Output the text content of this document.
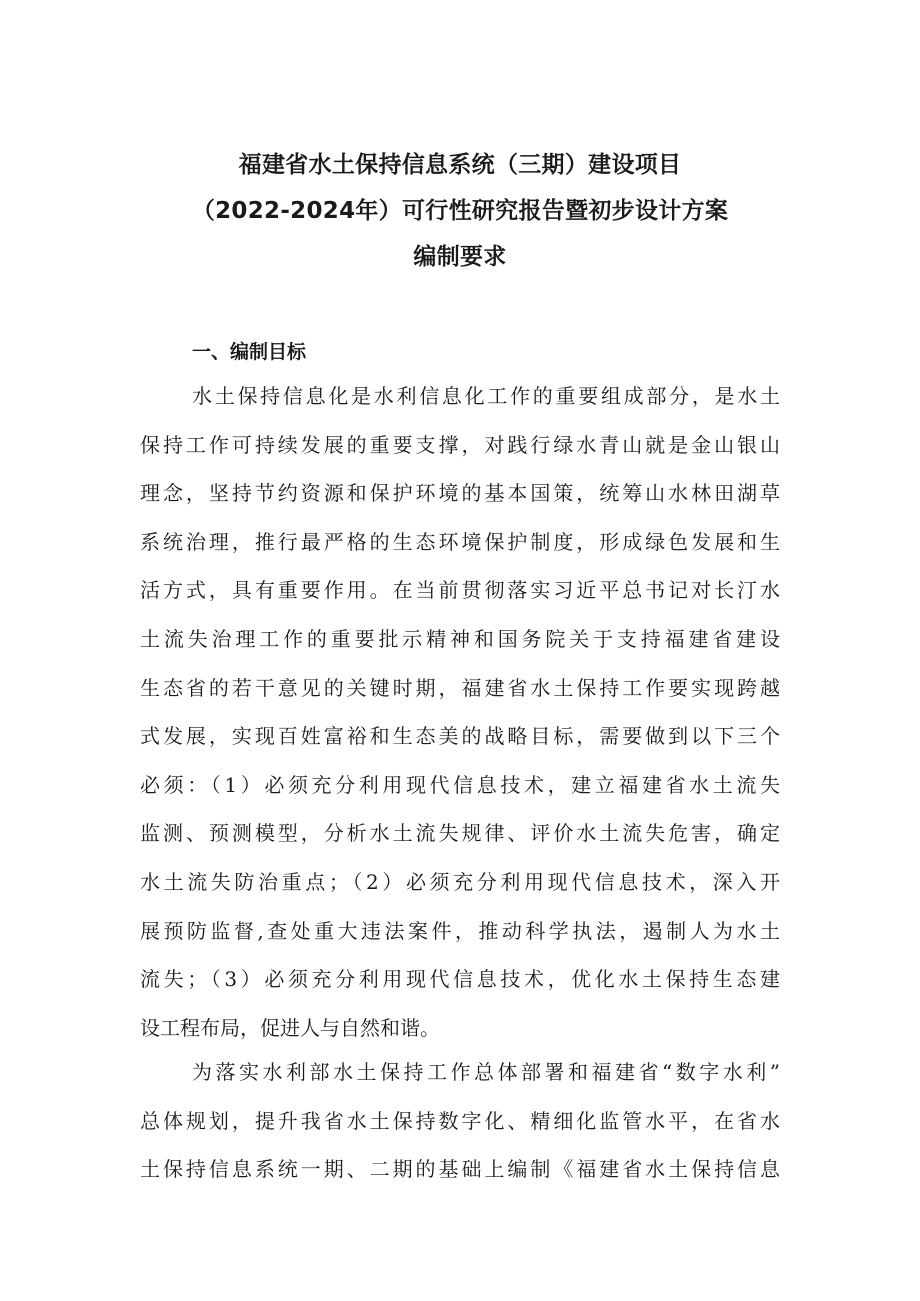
福建省水土保持信息系统（三期）建设项目
（2022-2024年）可行性研究报告暨初步设计方案
编制要求
一、编制目标
水土保持信息化是水利信息化工作的重要组成部分，是水土
保持工作可持续发展的重要支撑，对践行绿水青山就是金山银山
理念，坚持节约资源和保护环境的基本国策，统筹山水林田湖草
系统治理，推行最严格的生态环境保护制度，形成绿色发展和生
活方式，具有重要作用。在当前贯彻落实习近平总书记对长汀水
土流失治理工作的重要批示精神和国务院关于支持福建省建设
生态省的若干意见的关键时期，福建省水土保持工作要实现跨越
式发展，实现百姓富裕和生态美的战略目标，需要做到以下三个
必须：（1）必须充分利用现代信息技术，建立福建省水土流失
监测、预测模型，分析水土流失规律、评价水土流失危害，确定
水土流失防治重点；（2）必须充分利用现代信息技术，深入开
展预防监督,查处重大违法案件，推动科学执法，遏制人为水土
流失；（3）必须充分利用现代信息技术，优化水土保持生态建
设工程布局，促进人与自然和谐。
为落实水利部水土保持工作总体部署和福建省“数字水利”
总体规划，提升我省水土保持数字化、精细化监管水平，在省水
土保持信息系统一期、二期的基础上编制《福建省水土保持信息
